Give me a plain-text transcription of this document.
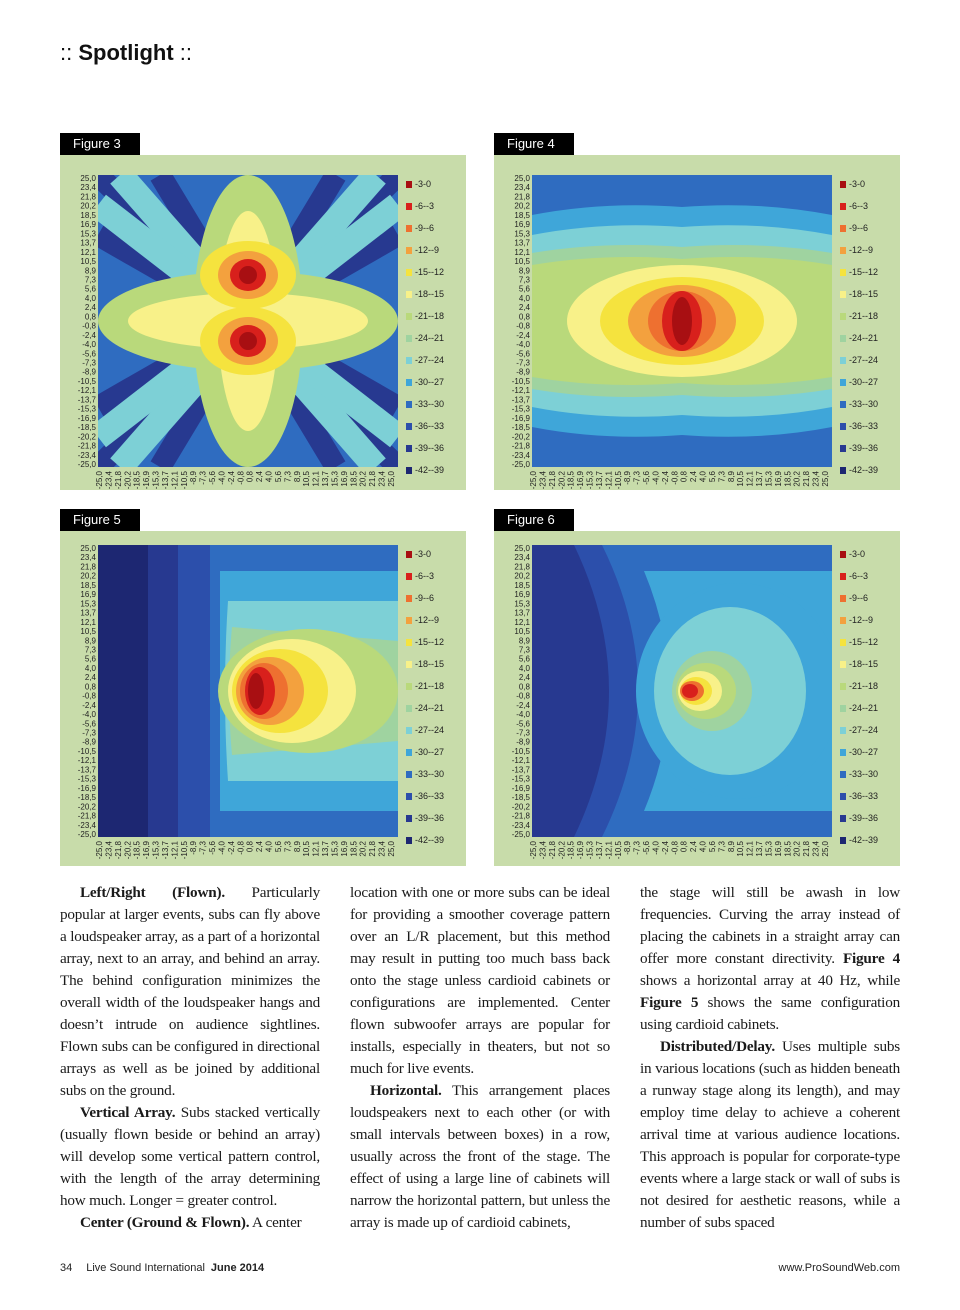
:: Spotlight ::
Figure 3
25,0
23,4
21,8
20,2
18,5
16,9
15,3
13,7
12,1
10,5
8,9
7,3
5,6
4,0
2,4
0,8
-0,8
-2,4
-4,0
-5,6
-7,3
-8,9
-10,5
-12,1
-13,7
-15,3
-16,9
-18,5
-20,2
-21,8
-23,4
-25,0
-25,0 -23,4 -21,8 -20,2 -18,5 -16,9 -15,3 -13,7 -12,1 -10,5 -8,9 -7,3 -5,6 -4,0 -2,4 -0,8 0,8 2,4 4,0 5,6 7,3 8,9 10,5 12,1 13,7 15,3 16,9 18,5 20,2 21,8 23,4 25,0
-3-0
-6--3
-9--6
-12--9
-15--12
-18--15
-21--18
-24--21
-27--24
-30--27
-33--30
-36--33
-39--36
-42--39
Figure 4
25,0
23,4
21,8
20,2
18,5
16,9
15,3
13,7
12,1
10,5
8,9
7,3
5,6
4,0
2,4
0,8
-0,8
-2,4
-4,0
-5,6
-7,3
-8,9
-10,5
-12,1
-13,7
-15,3
-16,9
-18,5
-20,2
-21,8
-23,4
-25,0
-25,0 -23,4 -21,8 -20,2 -18,5 -16,9 -15,3 -13,7 -12,1 -10,5 -8,9 -7,3 -5,6 -4,0 -2,4 -0,8 0,8 2,4 4,0 5,6 7,3 8,9 10,5 12,1 13,7 15,3 16,9 18,5 20,2 21,8 23,4 25,0
-3-0
-6--3
-9--6
-12--9
-15--12
-18--15
-21--18
-24--21
-27--24
-30--27
-33--30
-36--33
-39--36
-42--39
Figure 5
25,0
23,4
21,8
20,2
18,5
16,9
15,3
13,7
12,1
10,5
8,9
7,3
5,6
4,0
2,4
0,8
-0,8
-2,4
-4,0
-5,6
-7,3
-8,9
-10,5
-12,1
-13,7
-15,3
-16,9
-18,5
-20,2
-21,8
-23,4
-25,0
-25,0 -23,4 -21,8 -20,2 -18,5 -16,9 -15,3 -13,7 -12,1 -10,5 -8,9 -7,3 -5,6 -4,0 -2,4 -0,8 0,8 2,4 4,0 5,6 7,3 8,9 10,5 12,1 13,7 15,3 16,9 18,5 20,2 21,8 23,4 25,0
-3-0
-6--3
-9--6
-12--9
-15--12
-18--15
-21--18
-24--21
-27--24
-30--27
-33--30
-36--33
-39--36
-42--39
Figure 6
25,0
23,4
21,8
20,2
18,5
16,9
15,3
13,7
12,1
10,5
8,9
7,3
5,6
4,0
2,4
0,8
-0,8
-2,4
-4,0
-5,6
-7,3
-8,9
-10,5
-12,1
-13,7
-15,3
-16,9
-18,5
-20,2
-21,8
-23,4
-25,0
-25,0 -23,4 -21,8 -20,2 -18,5 -16,9 -15,3 -13,7 -12,1 -10,5 -8,9 -7,3 -5,6 -4,0 -2,4 -0,8 0,8 2,4 4,0 5,6 7,3 8,9 10,5 12,1 13,7 15,3 16,9 18,5 20,2 21,8 23,4 25,0
-3-0
-6--3
-9--6
-12--9
-15--12
-18--15
-21--18
-24--21
-27--24
-30--27
-33--30
-36--33
-39--36
-42--39

Left/Right (Flown). Particularly popular at larger events, subs can fly above a loudspeaker array, as a part of a horizontal array, next to an array, and behind an array. The behind configuration minimizes the overall width of the loudspeaker hangs and doesn’t intrude on audience sightlines. Flown subs can be configured in directional arrays as well as be joined by additional subs on the ground.

Vertical Array. Subs stacked vertically (usually flown beside or behind an array) will develop some vertical pattern control, with the length of the array determining how much. Longer = greater control.

Center (Ground & Flown). A center

location with one or more subs can be ideal for providing a smoother coverage pattern over an L/R placement, but this method may result in putting too much bass back onto the stage unless cardioid cabinets or configurations are implemented. Center flown subwoofer arrays are popular for installs, especially in theaters, but not so much for live events.

Horizontal. This arrangement places loudspeakers next to each other (or with small intervals between boxes) in a row, usually across the front of the stage. The effect of using a large line of cabinets will narrow the horizontal pattern, but unless the array is made up of cardioid cabinets,

the stage will still be awash in low frequencies. Curving the array instead of placing the cabinets in a straight array can offer more constant directivity. Figure 4 shows a horizontal array at 40 Hz, while Figure 5 shows the same configuration using cardioid cabinets.

Distributed/Delay. Uses multiple subs in various locations (such as hidden beneath a runway stage along its length), and may employ time delay to achieve a coherent arrival time at various audience locations. This approach is popular for corporate-type events where a large stack or wall of subs is not desired for aesthetic reasons, while a number of subs spaced

34 Live Sound International June 2014	www.ProSoundWeb.com
